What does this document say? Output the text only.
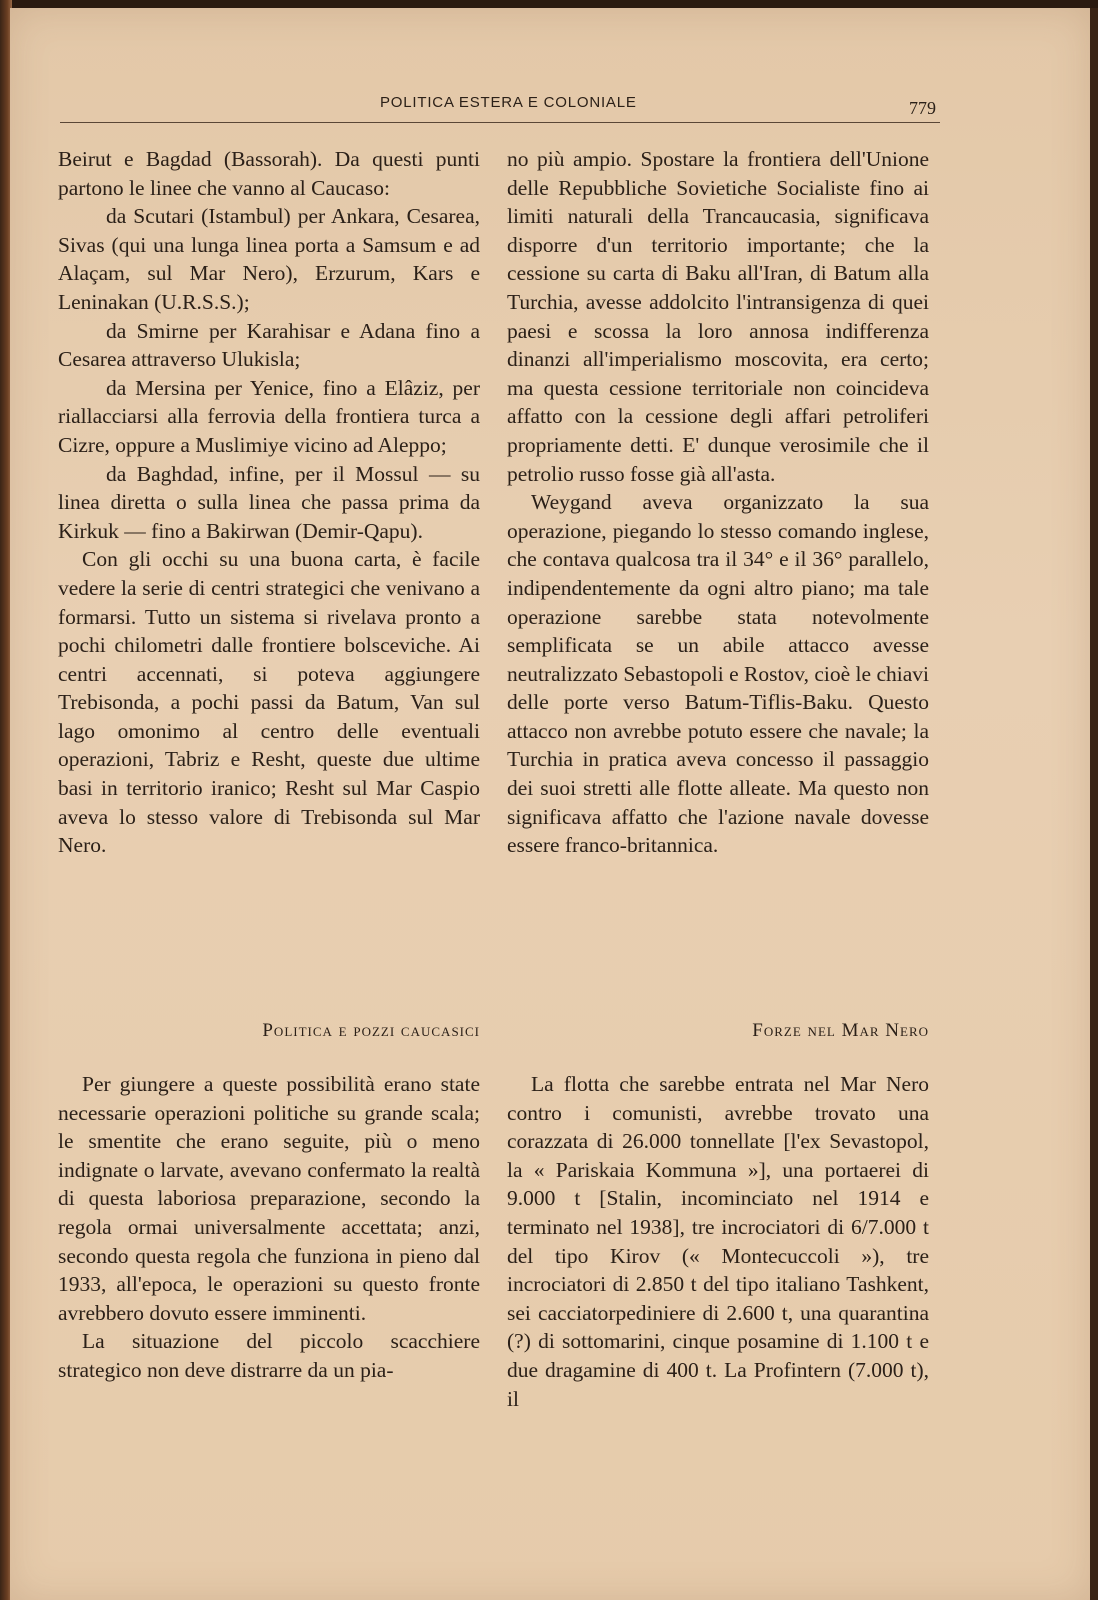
POLITICA ESTERA E COLONIALE	779

Beirut e Bagdad (Bassorah). Da questi punti partono le linee che vanno al Caucaso:

da Scutari (Istambul) per Ankara, Cesarea, Sivas (qui una lunga linea porta a Samsum e ad Alaçam, sul Mar Nero), Erzurum, Kars e Leninakan (U.R.S.S.);

da Smirne per Karahisar e Adana fino a Cesarea attraverso Ulukisla;

da Mersina per Yenice, fino a Elâziz, per riallacciarsi alla ferrovia della frontiera turca a Cizre, oppure a Muslimiye vicino ad Aleppo;

da Baghdad, infine, per il Mossul — su linea diretta o sulla linea che passa prima da Kirkuk — fino a Bakirwan (Demir-Qapu).

Con gli occhi su una buona carta, è facile vedere la serie di centri strategici che venivano a formarsi. Tutto un sistema si rivelava pronto a pochi chilometri dalle frontiere bolsceviche. Ai centri accennati, si poteva aggiungere Trebisonda, a pochi passi da Batum, Van sul lago omonimo al centro delle eventuali operazioni, Tabriz e Resht, queste due ultime basi in territorio iranico; Resht sul Mar Caspio aveva lo stesso valore di Trebisonda sul Mar Nero.

no più ampio. Spostare la frontiera dell'Unione delle Repubbliche Sovietiche Socialiste fino ai limiti naturali della Trancaucasia, significava disporre d'un territorio importante; che la cessione su carta di Baku all'Iran, di Batum alla Turchia, avesse addolcito l'intransigenza di quei paesi e scossa la loro annosa indifferenza dinanzi all'imperialismo moscovita, era certo; ma questa cessione territoriale non coincideva affatto con la cessione degli affari petroliferi propriamente detti. E' dunque verosimile che il petrolio russo fosse già all'asta.

Weygand aveva organizzato la sua operazione, piegando lo stesso comando inglese, che contava qualcosa tra il 34° e il 36° parallelo, indipendentemente da ogni altro piano; ma tale operazione sarebbe stata notevolmente semplificata se un abile attacco avesse neutralizzato Sebastopoli e Rostov, cioè le chiavi delle porte verso Batum-Tiflis-Baku. Questo attacco non avrebbe potuto essere che navale; la Turchia in pratica aveva concesso il passaggio dei suoi stretti alle flotte alleate. Ma questo non significava affatto che l'azione navale dovesse essere franco-britannica.

Politica e pozzi caucasici	Forze nel Mar Nero

Per giungere a queste possibilità erano state necessarie operazioni politiche su grande scala; le smentite che erano seguite, più o meno indignate o larvate, avevano confermato la realtà di questa laboriosa preparazione, secondo la regola ormai universalmente accettata; anzi, secondo questa regola che funziona in pieno dal 1933, all'epoca, le operazioni su questo fronte avrebbero dovuto essere imminenti.

La situazione del piccolo scacchiere strategico non deve distrarre da un pia-

La flotta che sarebbe entrata nel Mar Nero contro i comunisti, avrebbe trovato una corazzata di 26.000 tonnellate [l'ex Sevastopol, la « Pariskaia Kommuna »], una portaerei di 9.000 t [Stalin, incominciato nel 1914 e terminato nel 1938], tre incrociatori di 6/7.000 t del tipo Kirov (« Montecuccoli »), tre incrociatori di 2.850 t del tipo italiano Tashkent, sei cacciatorpediniere di 2.600 t, una quarantina (?) di sottomarini, cinque posamine di 1.100 t e due dragamine di 400 t. La Profintern (7.000 t), il
